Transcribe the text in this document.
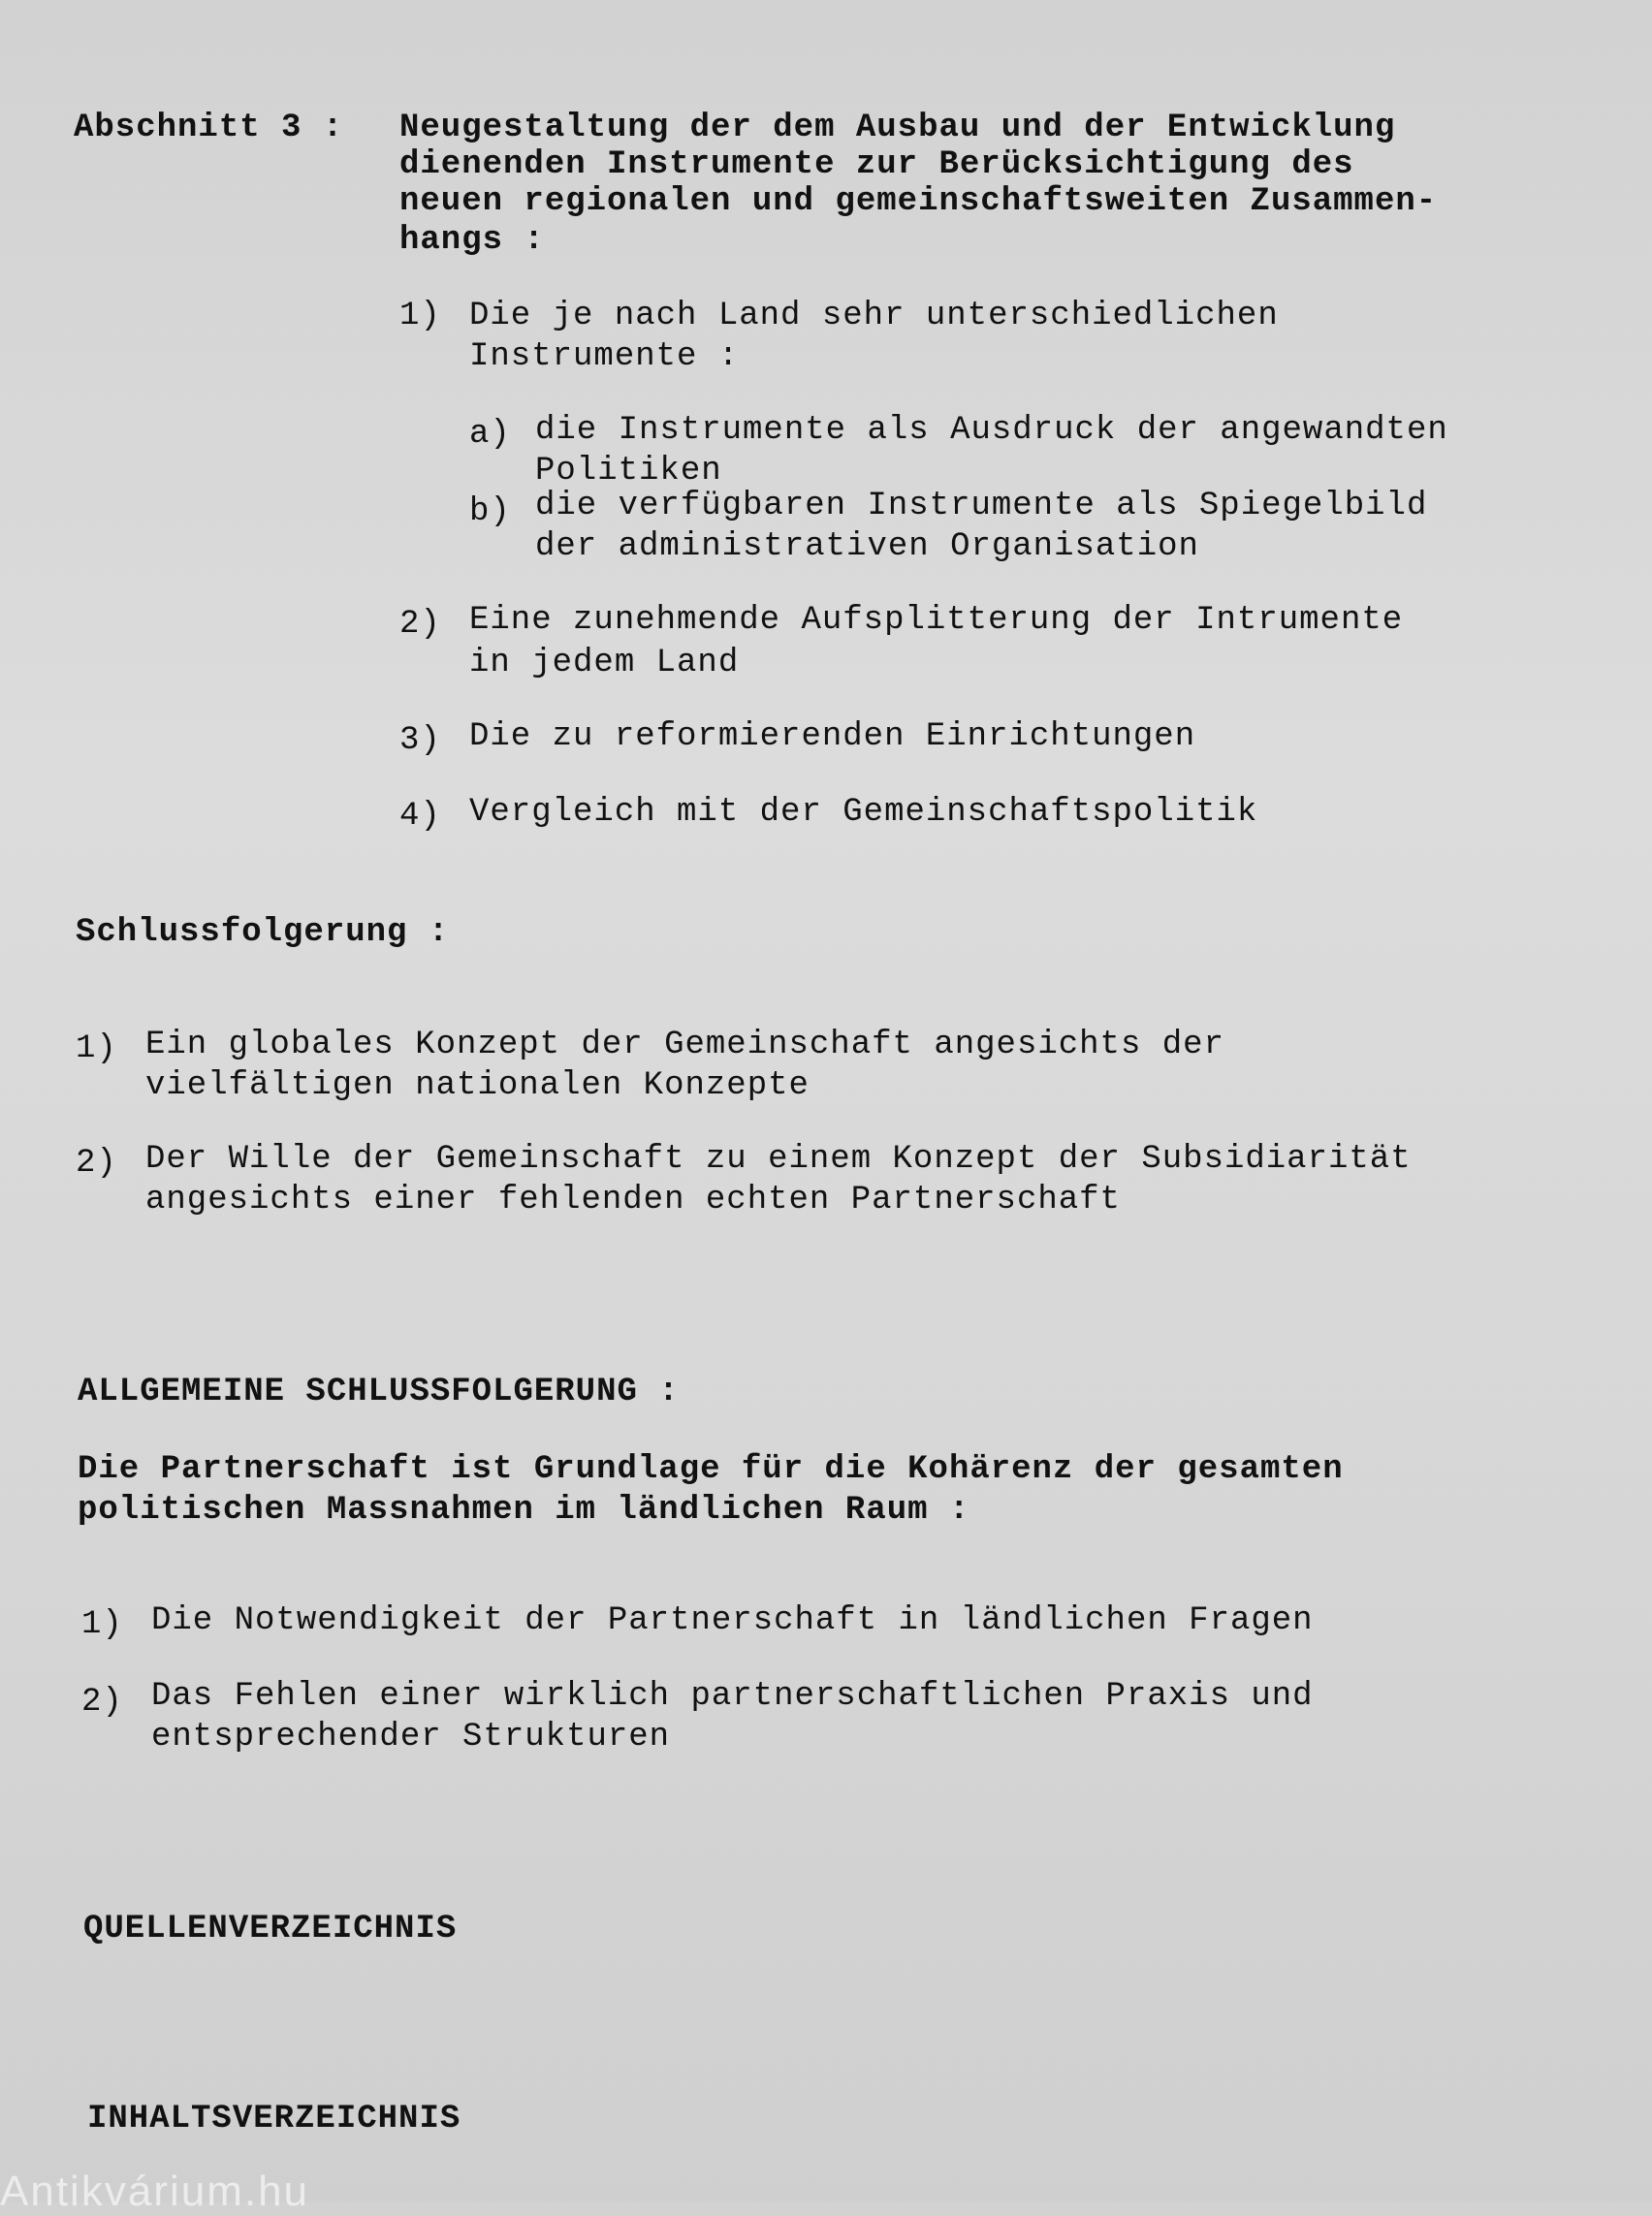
Abschnitt 3 : Neugestaltung der dem Ausbau und der Entwicklung
dienenden Instrumente zur Berücksichtigung des
neuen regionalen und gemeinschaftsweiten Zusammen-
hangs :
1) Die je nach Land sehr unterschiedlichen
Instrumente :
a) die Instrumente als Ausdruck der angewandten
Politiken
b) die verfügbaren Instrumente als Spiegelbild
der administrativen Organisation
2) Eine zunehmende Aufsplitterung der Intrumente
in jedem Land
3) Die zu reformierenden Einrichtungen
4) Vergleich mit der Gemeinschaftspolitik
Schlussfolgerung :
1) Ein globales Konzept der Gemeinschaft angesichts der
vielfältigen nationalen Konzepte
2) Der Wille der Gemeinschaft zu einem Konzept der Subsidiarität
angesichts einer fehlenden echten Partnerschaft
ALLGEMEINE SCHLUSSFOLGERUNG :
Die Partnerschaft ist Grundlage für die Kohärenz der gesamten
politischen Massnahmen im ländlichen Raum :
1) Die Notwendigkeit der Partnerschaft in ländlichen Fragen
2) Das Fehlen einer wirklich partnerschaftlichen Praxis und
entsprechender Strukturen
QUELLENVERZEICHNIS
INHALTSVERZEICHNIS
Antikvárium.hu
